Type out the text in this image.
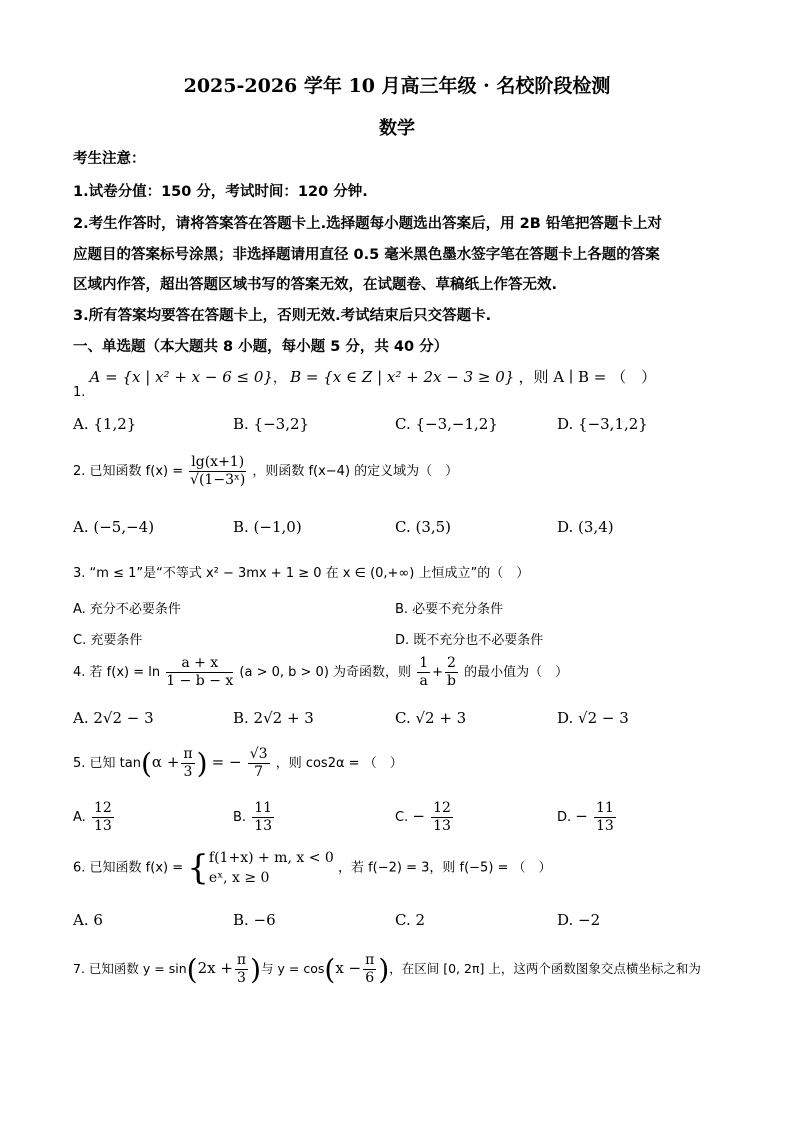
2025-2026 学年 10 月高三年级 · 名校阶段检测
数学
考生注意：
1.试卷分值：150 分，考试时间：120 分钟.
2.考生作答时，请将答案答在答题卡上.选择题每小题选出答案后，用 2B 铅笔把答题卡上对
应题目的答案标号涂黑；非选择题请用直径 0.5 毫米黑色墨水签字笔在答题卡上各题的答案
区域内作答，超出答题区域书写的答案无效，在试题卷、草稿纸上作答无效.
3.所有答案均要答在答题卡上，否则无效.考试结束后只交答题卡.
一、单选题（本大题共 8 小题，每小题 5 分，共 40 分）
1. A = {x | x² + x − 6 ≤ 0}， B = {x ∈ Z | x² + 2x − 3 ≥ 0} ，则 A ∣ B = （　）
A. {1,2}	B. {−3,2}	C. {−3,−1,2}	D. {−3,1,2}
2. 已知函数 $f(x) = \frac{\lg(x+1)}{\text{√(1−3ˣ)}}$ ，则函数 f(x−4) 的定义域为（　）
A. (−5,−4)	B. (−1,0)	C. (3,5)	D. (3,4)
3. “m ≤ 1”是“不等式 x² − 3mx + 1 ≥ 0 在 x ∈ (0,+∞) 上恒成立”的（　）
A. 充分不必要条件	B. 必要不充分条件
C. 充要条件	D. 既不充分也不必要条件
4. 若 $f(x) = \ln \frac{a + x}{1 - b - x} (a > 0$, b > 0) 为奇函数，则 $\frac{1}{a} + \frac{2}{b}$ 的最小值为（　）
A. 2√2 − 3	B. 2√2 + 3	C. √2 + 3	D. √2 − 3
5. 已知 $\tan(\alpha + \frac{\pi}{3}$ ) = − $\frac{√3}{7}$ ，则 cos2α = （　）
A. $\frac{12}{13}$	B. $\frac{11}{13}$	C. − $\frac{12}{13}$	D. − $\frac{11}{13}$
6. 已知函数 f(x) = { f(1+x) + m, x < 0
eˣ, x ≥ 0
，若 f(−2) = 3，则 f(−5) = （　）
A. 6	B. −6	C. 2	D. −2
7. 已知函数 $y = \sin(2x + \frac{\pi}{3}$ )与 $y = \cos(x - \frac{\pi}{6}$ )，在区间 [0, 2π] 上，这两个函数图象交点横坐标之和为
